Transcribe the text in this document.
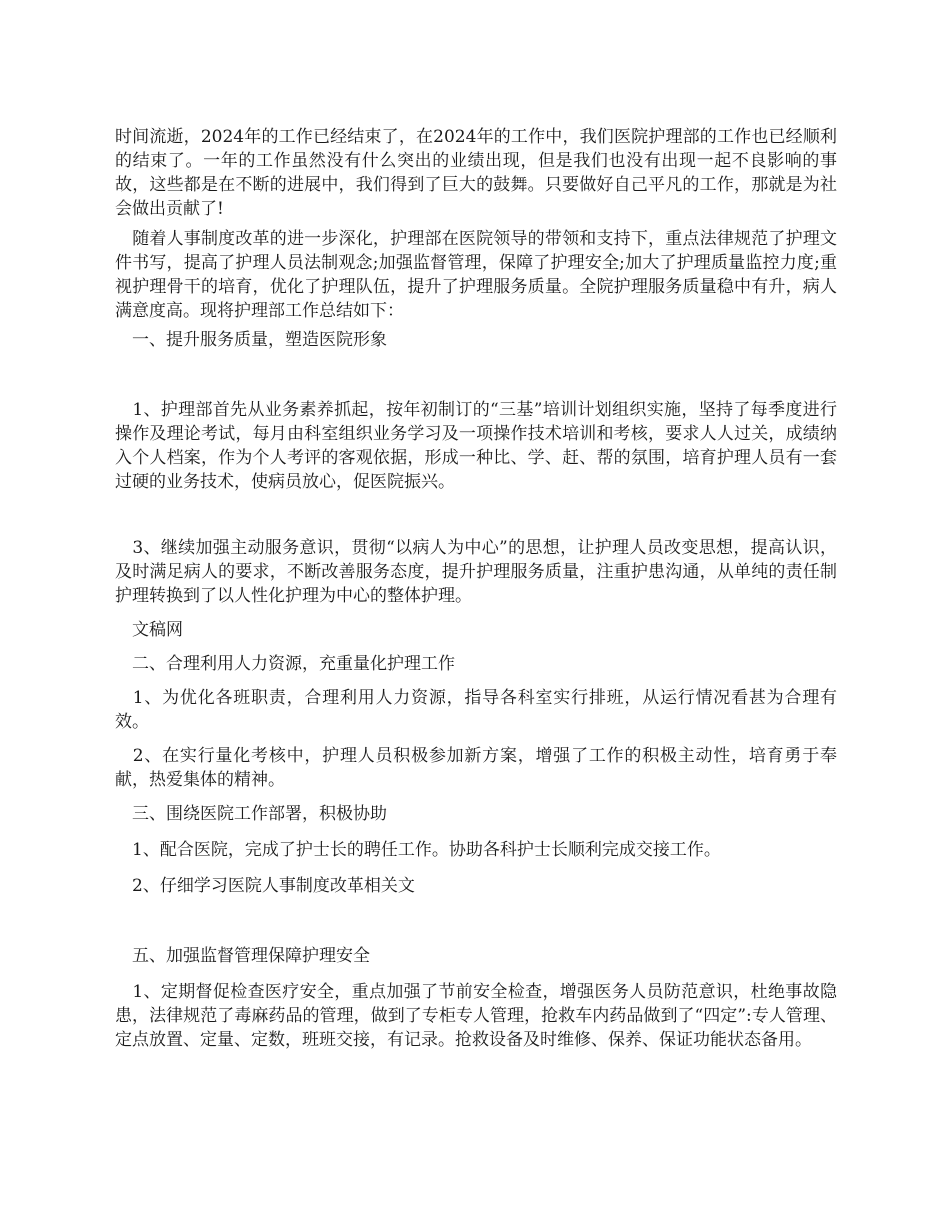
时间流逝，2024年的工作已经结束了，在2024年的工作中，我们医院护理部的工作也已经顺利的结束了。一年的工作虽然没有什么突出的业绩出现，但是我们也没有出现一起不良影响的事故，这些都是在不断的进展中，我们得到了巨大的鼓舞。只要做好自己平凡的工作，那就是为社会做出贡献了!

　随着人事制度改革的进一步深化，护理部在医院领导的带领和支持下，重点法律规范了护理文件书写，提高了护理人员法制观念;加强监督管理，保障了护理安全;加大了护理质量监控力度;重视护理骨干的培育，优化了护理队伍，提升了护理服务质量。全院护理服务质量稳中有升，病人满意度高。现将护理部工作总结如下：

　一、提升服务质量，塑造医院形象

　1、护理部首先从业务素养抓起，按年初制订的“三基”培训计划组织实施，坚持了每季度进行操作及理论考试，每月由科室组织业务学习及一项操作技术培训和考核，要求人人过关，成绩纳入个人档案，作为个人考评的客观依据，形成一种比、学、赶、帮的氛围，培育护理人员有一套过硬的业务技术，使病员放心，促医院振兴。

　3、继续加强主动服务意识，贯彻“以病人为中心”的思想，让护理人员改变思想，提高认识，及时满足病人的要求，不断改善服务态度，提升护理服务质量，注重护患沟通，从单纯的责任制护理转换到了以人性化护理为中心的整体护理。

　文稿网

　二、合理利用人力资源，充重量化护理工作

　1、为优化各班职责，合理利用人力资源，指导各科室实行排班，从运行情况看甚为合理有效。

　2、在实行量化考核中，护理人员积极参加新方案，增强了工作的积极主动性，培育勇于奉献，热爱集体的精神。

　三、围绕医院工作部署，积极协助

　1、配合医院，完成了护士长的聘任工作。协助各科护士长顺利完成交接工作。

　2、仔细学习医院人事制度改革相关文

　五、加强监督管理保障护理安全

　1、定期督促检查医疗安全，重点加强了节前安全检查，增强医务人员防范意识，杜绝事故隐患，法律规范了毒麻药品的管理，做到了专柜专人管理，抢救车内药品做到了“四定”:专人管理、定点放置、定量、定数，班班交接，有记录。抢救设备及时维修、保养、保证功能状态备用。
